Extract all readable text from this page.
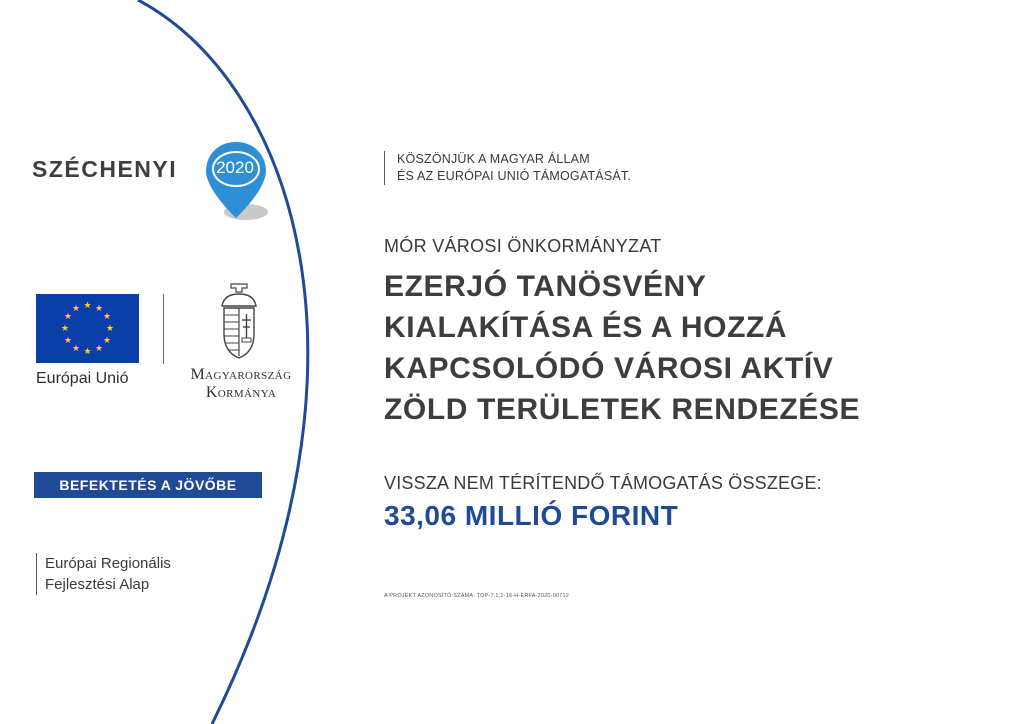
SZÉCHENYI	2020
★ ★
★
★
★
★
★
★
★
★
★
★
Európai Unió	Magyarország
Kormánya
BEFEKTETÉS A JÖVŐBE
Európai Regionális
Fejlesztési Alap
KÖSZÖNJÜK A MAGYAR ÁLLAM
ÉS AZ EURÓPAI UNIÓ TÁMOGATÁSÁT.
MÓR VÁROSI ÖNKORMÁNYZAT
EZERJÓ TANÖSVÉNY
KIALAKÍTÁSA ÉS A HOZZÁ
KAPCSOLÓDÓ VÁROSI AKTÍV
ZÖLD TERÜLETEK RENDEZÉSE
VISSZA NEM TÉRÍTENDŐ TÁMOGATÁS ÖSSZEGE:
33,06 MILLIÓ FORINT
A PROJEKT AZONOSÍTÓ SZÁMA: TOP-7.1.1-16-H-ERFA-2020-00712
